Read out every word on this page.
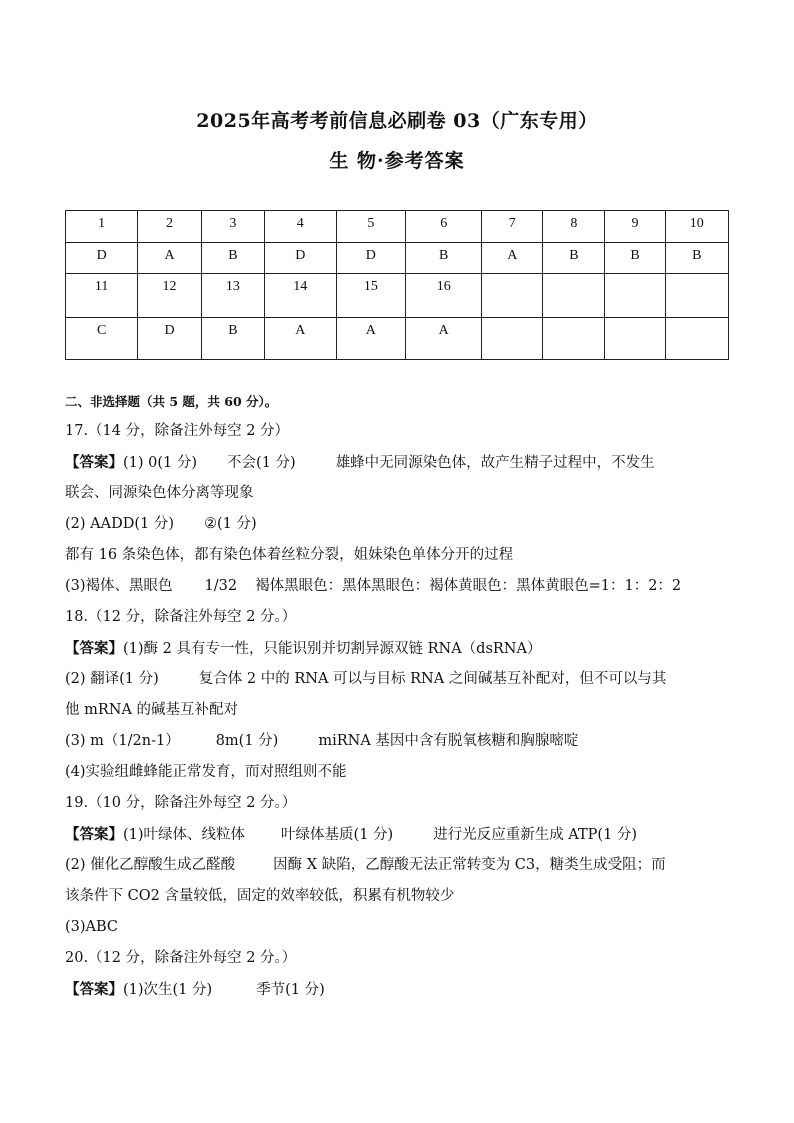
2025年高考考前信息必刷卷 03（广东专用）
生 物·参考答案
1	2	3	4	5	6	7	8	9	10
D	A	B	D	D	B	A	B	B	B
11	12	13	14	15	16				
C	D	B	A	A	A				
二、非选择题（共 5 题，共 60 分）。
17.（14 分，除备注外每空 2 分）
【答案】(1) 0(1 分) 不会(1 分)	雄蜂中无同源染色体，故产生精子过程中，不发生
联会、同源染色体分离等现象
(2) AADD(1 分) ②(1 分)
都有 16 条染色体，都有染色体着丝粒分裂，姐妹染色单体分开的过程
(3)褐体、黑眼色 1/32 褐体黑眼色：黑体黑眼色：褐体黄眼色：黑体黄眼色=1：1：2：2
18.（12 分，除备注外每空 2 分。）
【答案】(1)酶 2 具有专一性，只能识别并切割异源双链 RNA（dsRNA）
(2) 翻译(1 分)	复合体 2 中的 RNA 可以与目标 RNA 之间碱基互补配对，但不可以与其
他 mRNA 的碱基互补配对
(3) m（1/2n-1） 8m(1 分)	miRNA 基因中含有脱氧核糖和胸腺嘧啶
(4)实验组雌蜂能正常发育，而对照组则不能
19.（10 分，除备注外每空 2 分。）
【答案】(1)叶绿体、线粒体 叶绿体基质(1 分)	进行光反应重新生成 ATP(1 分)
(2) 催化乙醇酸生成乙醛酸	因酶 X 缺陷，乙醇酸无法正常转变为 C3，糖类生成受阻；而
该条件下 CO2 含量较低，固定的效率较低，积累有机物较少
(3)ABC
20.（12 分，除备注外每空 2 分。）
【答案】(1)次生(1 分)	季节(1 分)
